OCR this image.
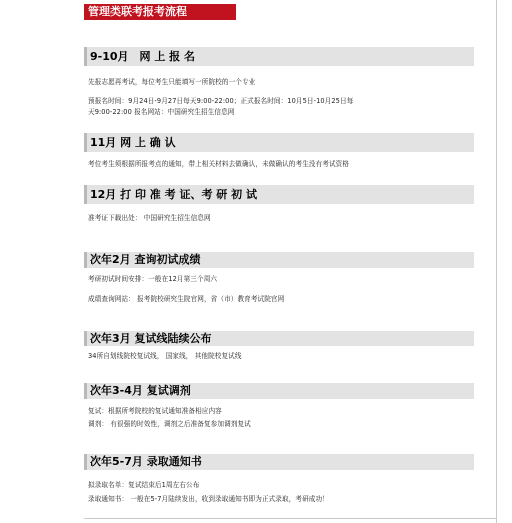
管理类联考报考流程
9-10月　网 上 报 名
先报志愿再考试，每位考生只能填写一所院校的一个专业
预报名时间：9月24日-9月27日每天9:00-22:00；正式报名时间：10月5日-10月25日每
天9:00-22:00 报名网站：中国研究生招生信息网
11月 网 上 确 认
考位考生须根据所报考点的通知，带上相关材料去做确认，未做确认的考生没有考试资格
12月 打 印 准 考 证、考 研 初 试
准考证下载出处： 中国研究生招生信息网
次年2月 查询初试成绩
考研初试时间安排：一般在12月第三个周六
成绩查询网站： 报考院校研究生院官网，省（市）教育考试院官网
次年3月 复试线陆续公布
34所自划线院校复试线， 国家线， 其他院校复试线
次年3-4月 复试调剂
复试：根据所考院校的复试通知准备相应内容
调剂： 有很强的时效性，调剂之后准备复参加调剂复试
次年5-7月 录取通知书
拟录取名单：复试结束后1周左右公布
录取通知书： 一般在5-7月陆续发出，收到录取通知书即为正式录取，考研成功！
